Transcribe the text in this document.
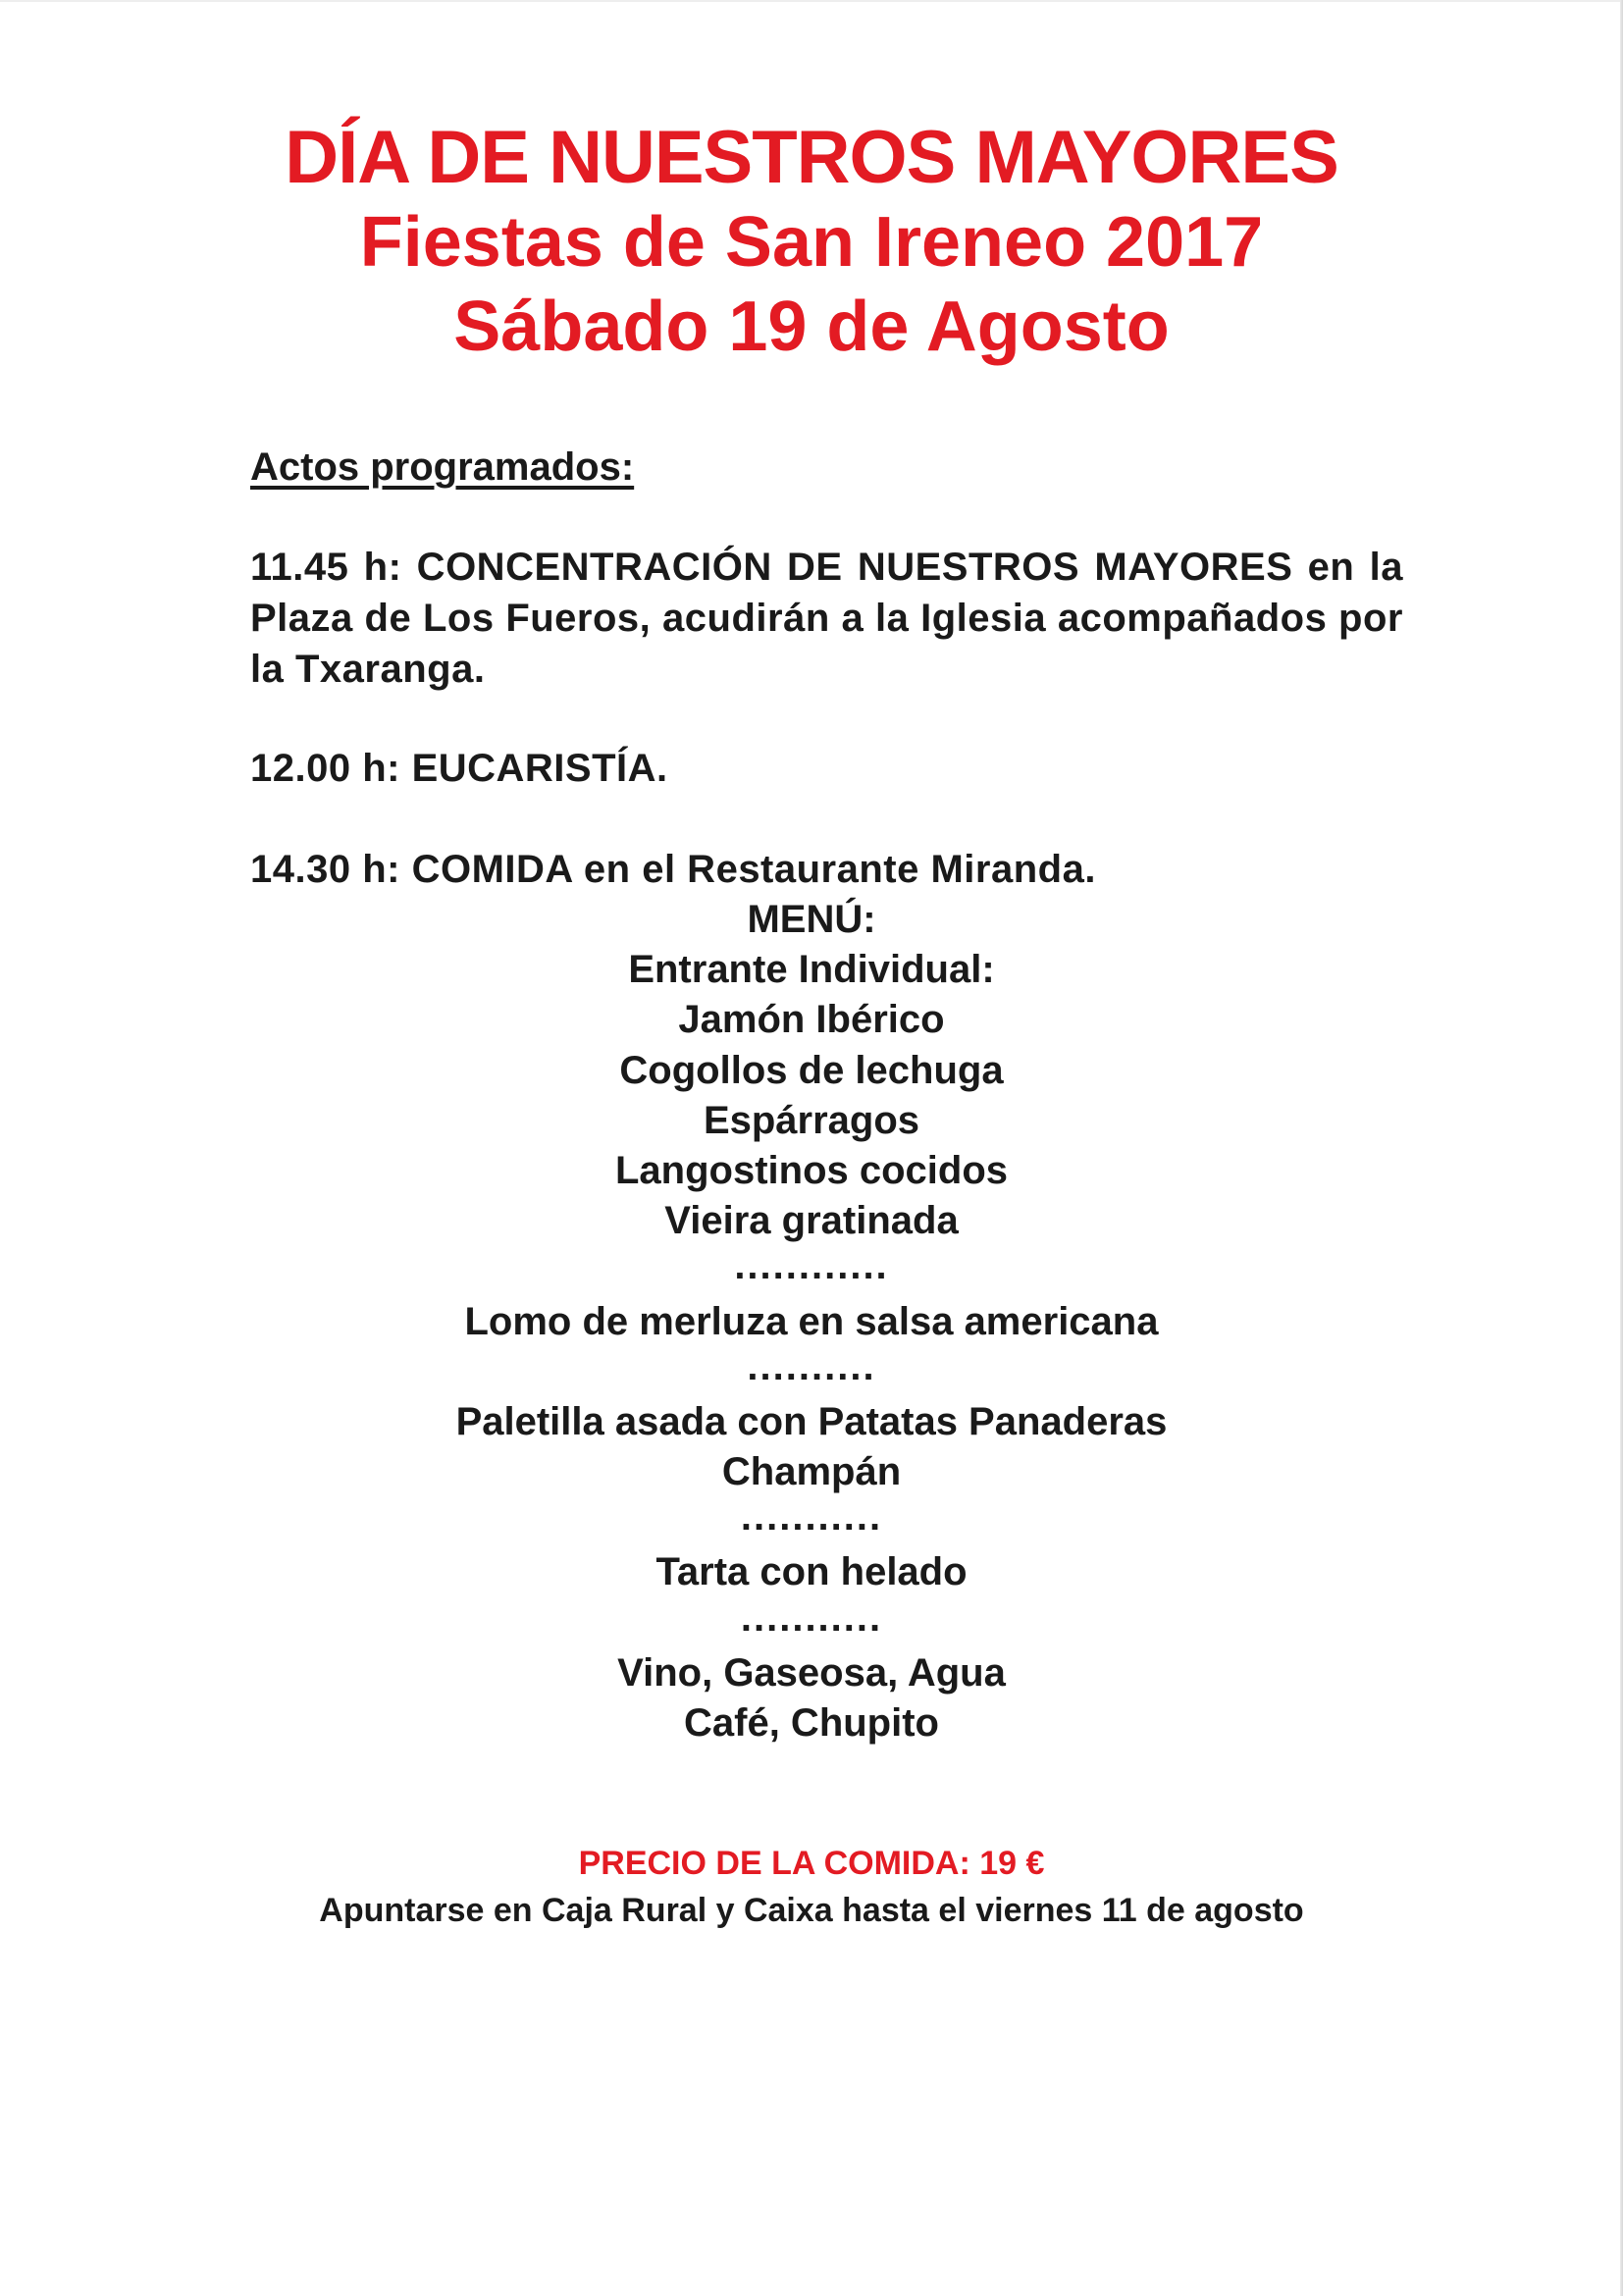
DÍA DE NUESTROS MAYORES
Fiestas de San Ireneo 2017
Sábado 19 de Agosto
Actos programados:
11.45 h: CONCENTRACIÓN DE NUESTROS MAYORES en la Plaza de Los Fueros, acudirán a la Iglesia acompañados por la Txaranga.
12.00 h: EUCARISTÍA.
14.30 h: COMIDA en el Restaurante Miranda.
MENÚ:
Entrante Individual:
Jamón Ibérico
Cogollos de lechuga
Espárragos
Langostinos cocidos
Vieira gratinada
............
Lomo de merluza en salsa americana
..........
Paletilla asada con Patatas Panaderas
Champán
...........
Tarta con helado
...........
Vino, Gaseosa, Agua
Café, Chupito
PRECIO DE LA COMIDA: 19 €
Apuntarse en Caja Rural y Caixa hasta el viernes 11 de agosto
